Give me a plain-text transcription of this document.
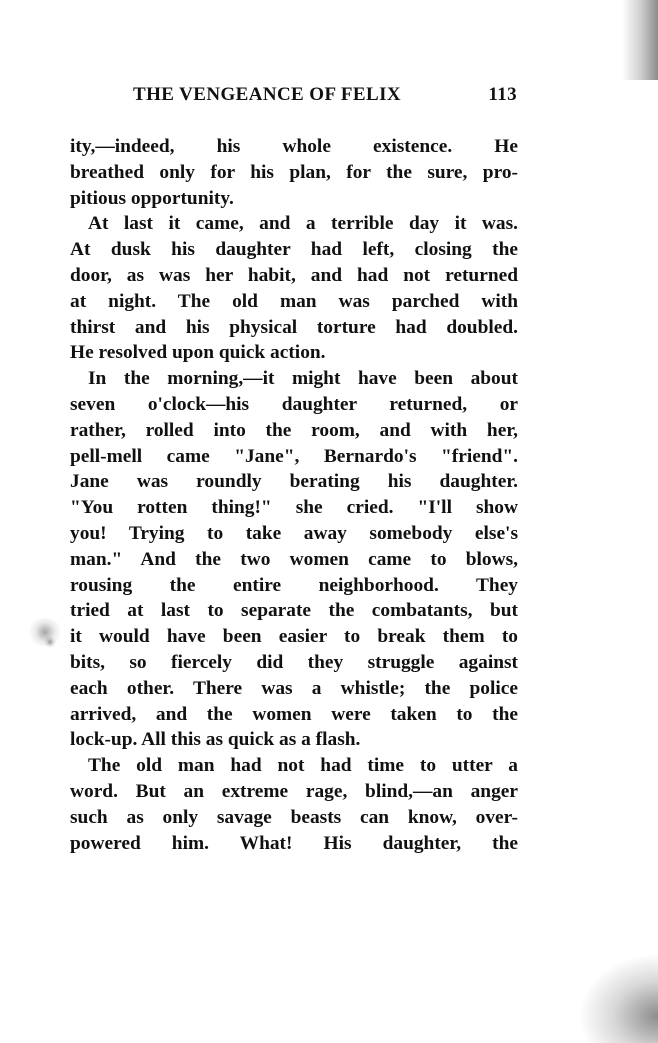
THE VENGEANCE OF FELIX	113
ity,—indeed, his whole existence. He
breathed only for his plan, for the sure, pro-
pitious opportunity.
At last it came, and a terrible day it was.
At dusk his daughter had left, closing the
door, as was her habit, and had not returned
at night. The old man was parched with
thirst and his physical torture had doubled.
He resolved upon quick action.
In the morning,—it might have been about
seven o'clock—his daughter returned, or
rather, rolled into the room, and with her,
pell-mell came "Jane", Bernardo's "friend".
Jane was roundly berating his daughter.
"You rotten thing!" she cried. "I'll show
you! Trying to take away somebody else's
man." And the two women came to blows,
rousing the entire neighborhood. They
tried at last to separate the combatants, but
it would have been easier to break them to
bits, so fiercely did they struggle against
each other. There was a whistle; the police
arrived, and the women were taken to the
lock-up. All this as quick as a flash.
The old man had not had time to utter a
word. But an extreme rage, blind,—an anger
such as only savage beasts can know, over-
powered him. What! His daughter, the
